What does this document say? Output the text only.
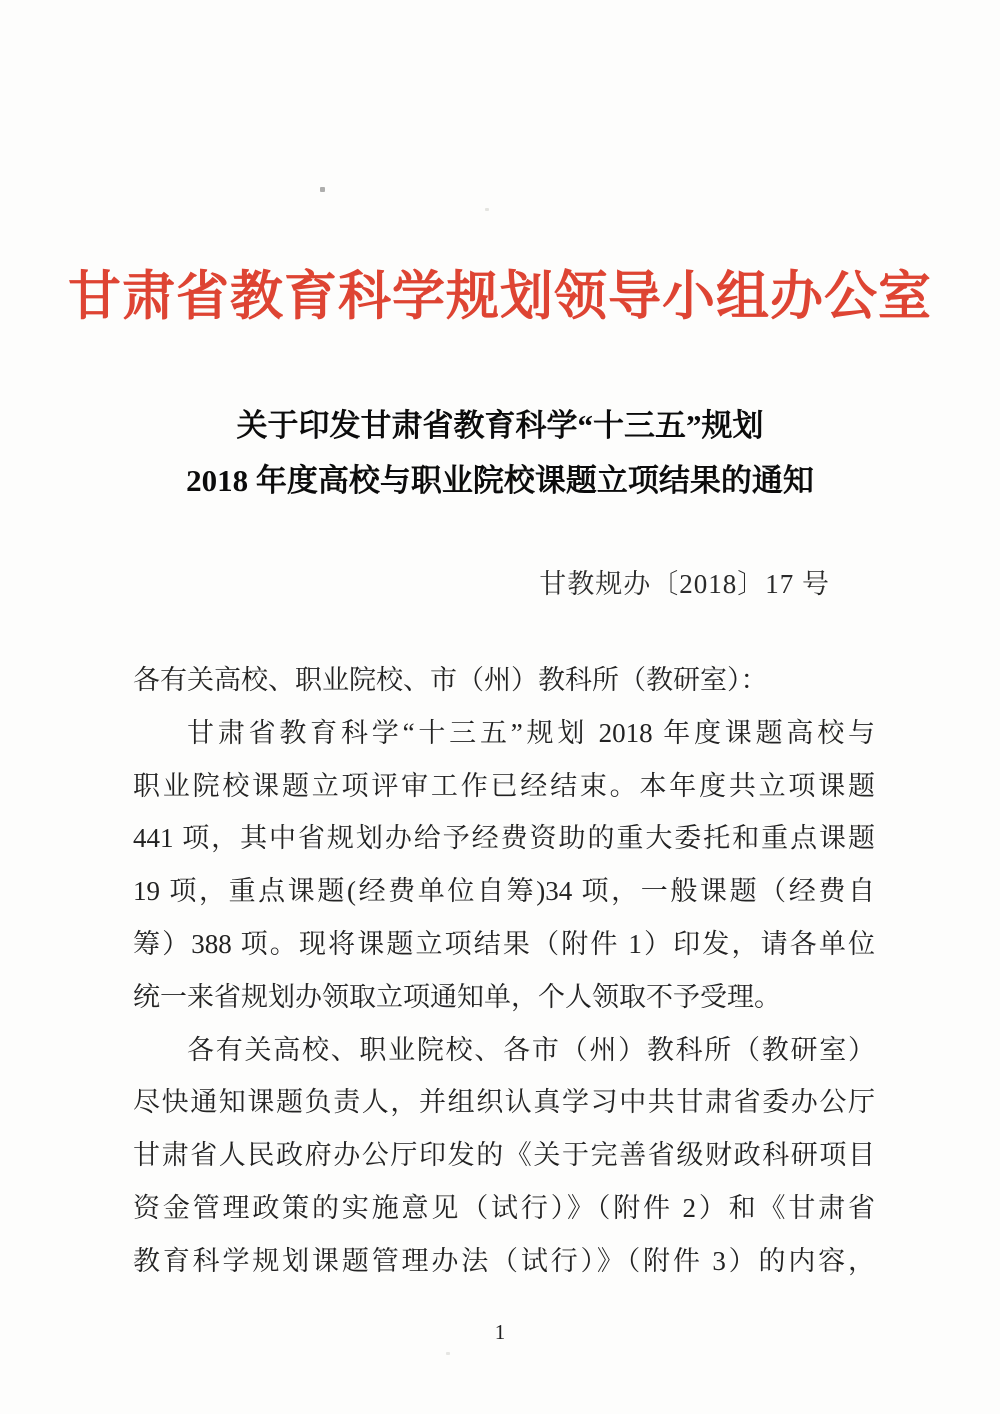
甘肃省教育科学规划领导小组办公室
关于印发甘肃省教育科学“十三五”规划
2018 年度高校与职业院校课题立项结果的通知
甘教规办〔2018〕17 号
各有关高校、职业院校、市（州）教科所（教研室）：
甘肃省教育科学“十三五”规划 2018 年度课题高校与
职业院校课题立项评审工作已经结束。本年度共立项课题
441 项，其中省规划办给予经费资助的重大委托和重点课题
19 项，重点课题(经费单位自筹)34 项，一般课题（经费自
筹）388 项。现将课题立项结果（附件 1）印发，请各单位
统一来省规划办领取立项通知单，个人领取不予受理。
各有关高校、职业院校、各市（州）教科所（教研室）
尽快通知课题负责人，并组织认真学习中共甘肃省委办公厅
甘肃省人民政府办公厅印发的《关于完善省级财政科研项目
资金管理政策的实施意见（试行）》（附件 2）和《甘肃省
教育科学规划课题管理办法（试行）》（附件 3）的内容，
1
